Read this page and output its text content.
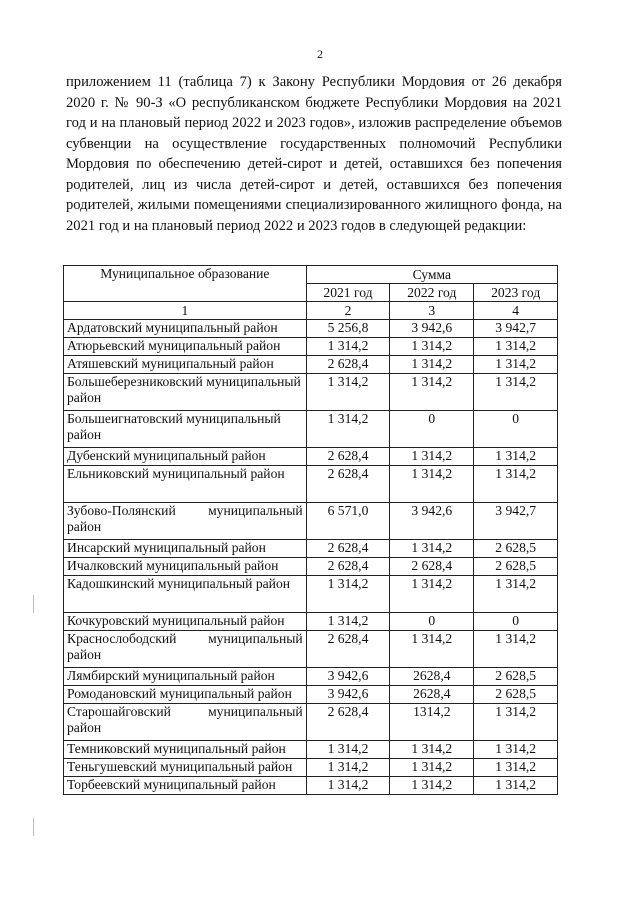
2

приложением 11 (таблица 7) к Закону Республики Мордовия от 26 декабря 2020 г. № 90-З «О республиканском бюджете Республики Мордовия на 2021 год и на плановый период 2022 и 2023 годов», изложив распределение объемов субвенции на осуществление государственных полномочий Республики Мордовия по обеспечению детей-сирот и детей, оставшихся без попечения родителей, лиц из числа детей-сирот и детей, оставшихся без попечения родителей, жилыми помещениями специализированного жилищного фонда, на 2021 год и на плановый период 2022 и 2023 годов в следующей редакции:

Муниципальное образование	Сумма		
	2021 год	2022 год	2023 год
1	2	3	4
Ардатовский муниципальный район	5 256,8	3 942,6	3 942,7
Атюрьевский муниципальный район	1 314,2	1 314,2	1 314,2
Атяшевский муниципальный район	2 628,4	1 314,2	1 314,2
Большеберезниковский муниципальный район	1 314,2	1 314,2	1 314,2
Большеигнатовский муниципальный район	1 314,2	0	0
Дубенский муниципальный район	2 628,4	1 314,2	1 314,2
Ельниковский муниципальный район	2 628,4	1 314,2	1 314,2
Зубово-Полянский муниципальный район	6 571,0	3 942,6	3 942,7
Инсарский муниципальный район	2 628,4	1 314,2	2 628,5
Ичалковский муниципальный район	2 628,4	2 628,4	2 628,5
Кадошкинский муниципальный район	1 314,2	1 314,2	1 314,2
Кочкуровский муниципальный район	1 314,2	0	0
Краснослободский муниципальный район	2 628,4	1 314,2	1 314,2
Лямбирский муниципальный район	3 942,6	2628,4	2 628,5
Ромодановский муниципальный район	3 942,6	2628,4	2 628,5
Старошайговский муниципальный район	2 628,4	1314,2	1 314,2
Темниковский муниципальный район	1 314,2	1 314,2	1 314,2
Теньгушевский муниципальный район	1 314,2	1 314,2	1 314,2
Торбеевский муниципальный район	1 314,2	1 314,2	1 314,2
